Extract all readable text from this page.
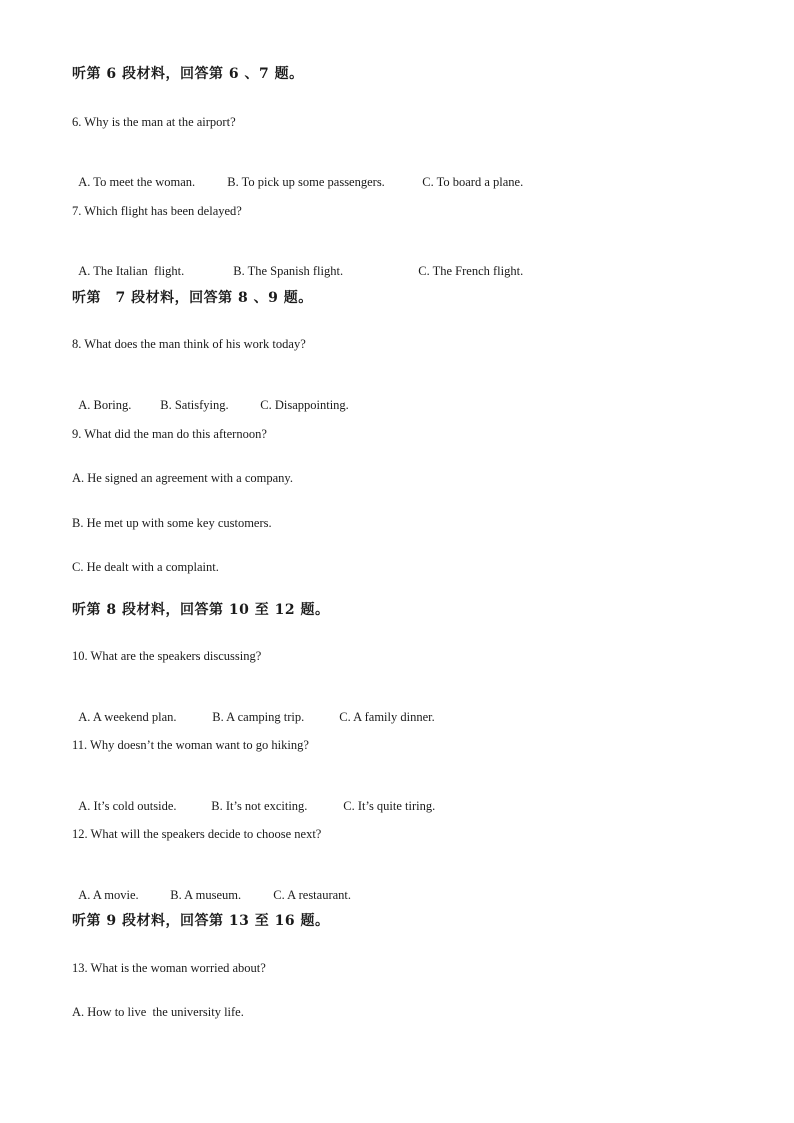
听第 6 段材料，回答第 6 、7 题。
6. Why is the man at the airport?

A. To meet the woman.	B. To pick up some passengers.	C. To board a plane.

7. Which flight has been delayed?

A. The Italian  flight.	B. The Spanish flight.	C. The French flight.

听第　7 段材料，回答第 8 、9 题。
8. What does the man think of his work today?

A. Boring. B. Satisfying.	C. Disappointing.

9. What did the man do this afternoon?
A. He signed an agreement with a company.
B. He met up with some key customers.
C. He dealt with a complaint.
听第 8 段材料，回答第 10 至 12 题。
10. What are the speakers discussing?

A. A weekend plan.	B. A camping trip.	C. A family dinner.

11. Why doesn’t the woman want to go hiking?

A. It’s cold outside.	B. It’s not exciting.	C. It’s quite tiring.

12. What will the speakers decide to choose next?

A. A movie.	B. A museum.	C. A restaurant.

听第 9 段材料，回答第 13 至 16 题。
13. What is the woman worried about?
A. How to live  the university life.
